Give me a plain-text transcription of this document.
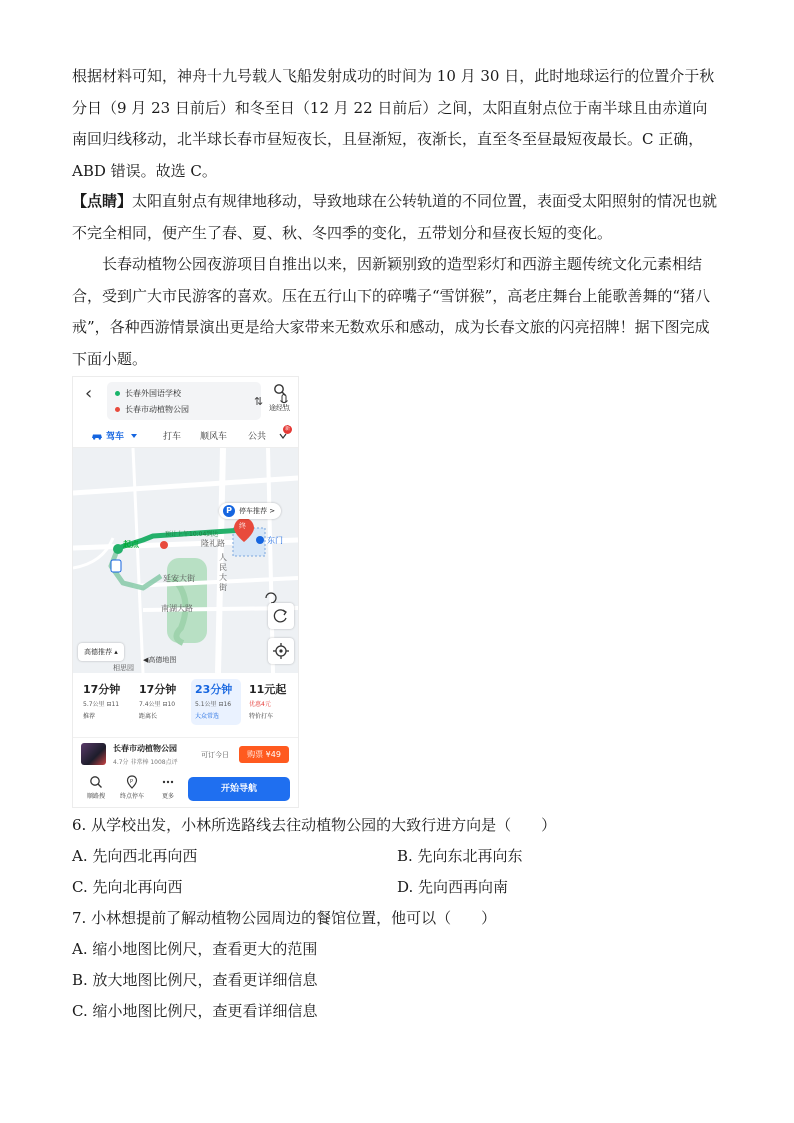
根据材料可知，神舟十九号载人飞船发射成功的时间为 10 月 30 日，此时地球运行的位置介于秋分日（9 月 23 日前后）和冬至日（12 月 22 日前后）之间，太阳直射点位于南半球且由赤道向南回归线移动，北半球长春市昼短夜长，且昼渐短，夜渐长，直至冬至昼最短夜最长。C 正确，ABD 错误。故选 C。

【点睛】太阳直射点有规律地移动，导致地球在公转轨道的不同位置，表面受太阳照射的情况也就不完全相同，便产生了春、夏、秋、冬四季的变化，五带划分和昼夜长短的变化。

长春动植物公园夜游项目自推出以来，因新颖别致的造型彩灯和西游主题传统文化元素相结合，受到广大市民游客的喜欢。压在五行山下的碎嘴子“雪饼猴”，高老庄舞台上能歌善舞的“猪八戒”，各种西游情景演出更是给大家带来无数欢乐和感动，成为长春文旅的闪亮招牌！据下图完成下面小题。

‹	长春外国语学校
长春市动植物公园
⇅ 途经点
驾车	打车 顺风车 公共
新
起点	隆礼路
延安大街
南湖大路
人民大街
东门
终
相思园
P	停车推荐 >
预计上午10:04到达
高德推荐 ▴
◀高德地图
17分钟
5.7公里 ⊟11
推荐
17分钟
7.4公里 ⊟10
距离长
23分钟
5.1公里 ⊟16
大众常选
11元起
优惠4元
特价打车
长春市动植物公园
4.7分 非常棒 1008点评
可订今日	购票 ¥49
顺路搜
P
终点停车	更多
开始导航

6. 从学校出发，小林所选路线去往动植物公园的大致行进方向是（　　）

A. 先向西北再向西	B. 先向东北再向东

C. 先向北再向西	D. 先向西再向南

7. 小林想提前了解动植物公园周边的餐馆位置，他可以（　　）

A. 缩小地图比例尺，查看更大的范围

B. 放大地图比例尺，查看更详细信息

C. 缩小地图比例尺，查更看详细信息
